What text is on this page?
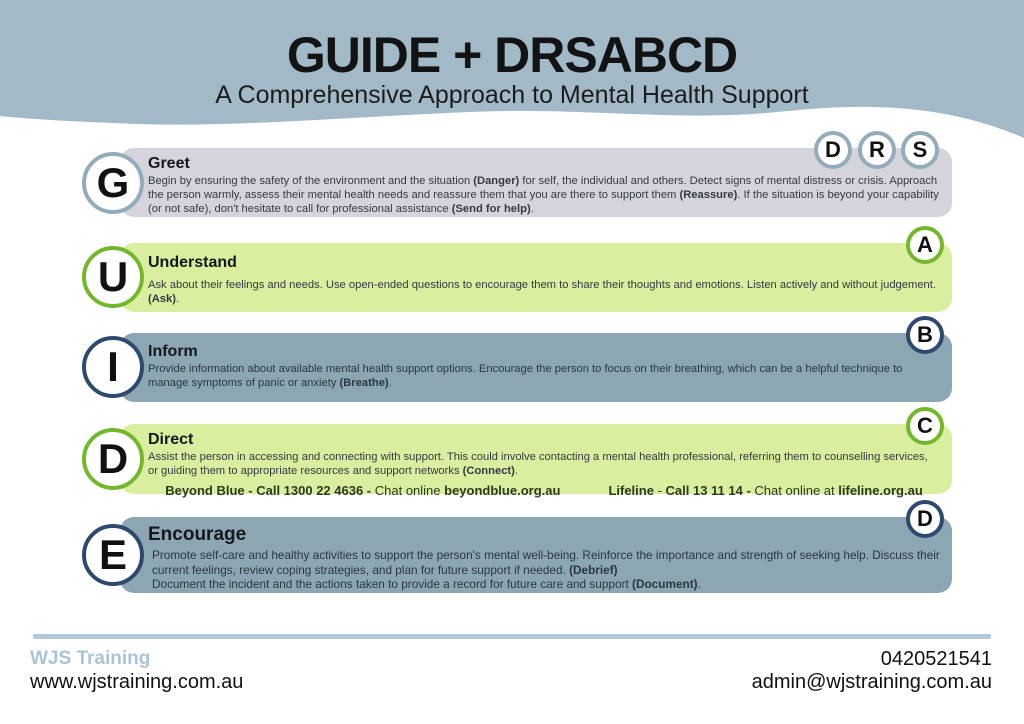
GUIDE + DRSABCD
A Comprehensive Approach to Mental Health Support
Greet
Begin by ensuring the safety of the environment and the situation (Danger) for self, the individual and others. Detect signs of mental distress or crisis. Approach the person warmly, assess their mental health needs and reassure them that you are there to support them (Reassure). If the situation is beyond your capability (or not safe), don't hesitate to call for professional assistance (Send for help).
G
D	R	S
Understand
Ask about their feelings and needs. Use open-ended questions to encourage them to share their thoughts and emotions. Listen actively and without judgement. (Ask).
U
A
Inform
Provide information about available mental health support options. Encourage the person to focus on their breathing, which can be a helpful technique to manage symptoms of panic or anxiety (Breathe).
I
B
Direct
Assist the person in accessing and connecting with support. This could involve contacting a mental health professional, referring them to counselling services, or guiding them to appropriate resources and support networks (Connect).
Beyond Blue - Call 1300 22 4636 - Chat online beyondblue.org.au	Lifeline - Call 13 11 14 - Chat online at lifeline.org.au
D
C
Encourage
Promote self-care and healthy activities to support the person's mental well-being. Reinforce the importance and strength of seeking help. Discuss their current feelings, review coping strategies, and plan for future support if needed. (Debrief)
Document the incident and the actions taken to provide a record for future care and support (Document).
E
D
WJS Training
www.wjstraining.com.au
0420521541
admin@wjstraining.com.au
